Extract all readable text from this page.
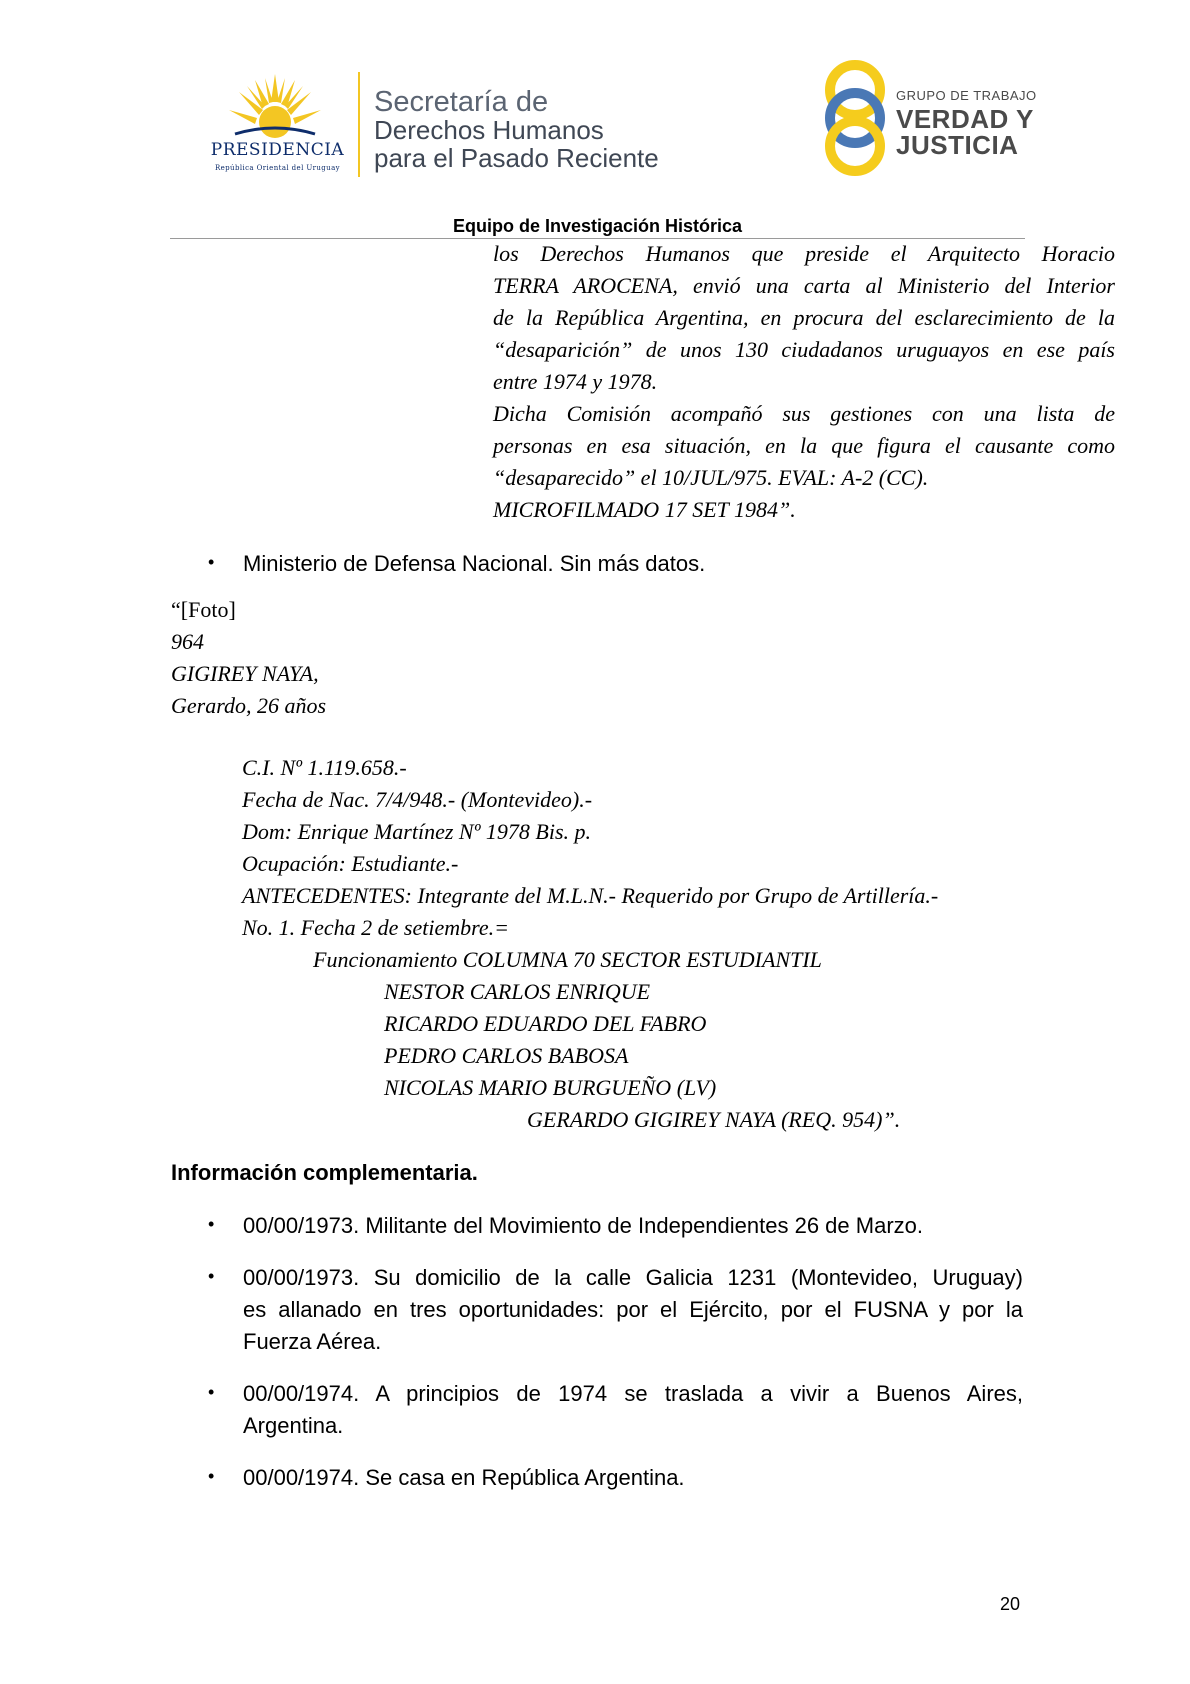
PRESIDENCIA
República Oriental del Uruguay
Secretaría de
Derechos Humanos
para el Pasado Reciente
GRUPO DE TRABAJO
VERDAD Y
JUSTICIA
Equipo de Investigación Histórica

los Derechos Humanos que preside el Arquitecto Horacio
TERRA AROCENA, envió una carta al Ministerio del Interior
de la República Argentina, en procura del esclarecimiento de la
“desaparición” de unos 130 ciudadanos uruguayos en ese país
entre 1974 y 1978.

Dicha Comisión acompañó sus gestiones con una lista de
personas en esa situación, en la que figura el causante como
“desaparecido” el 10/JUL/975. EVAL: A-2 (CC).
MICROFILMADO 17 SET 1984”.

• Ministerio de Defensa Nacional. Sin más datos.
“[Foto]
964
GIGIREY NAYA,
Gerardo, 26 años
C.I. Nº 1.119.658.-
Fecha de Nac. 7/4/948.- (Montevideo).-
Dom: Enrique Martínez Nº 1978 Bis. p.
Ocupación: Estudiante.-
ANTECEDENTES: Integrante del M.L.N.- Requerido por Grupo de Artillería.-
No. 1. Fecha 2 de setiembre.=
Funcionamiento COLUMNA 70 SECTOR ESTUDIANTIL
NESTOR CARLOS ENRIQUE
RICARDO EDUARDO DEL FABRO
PEDRO CARLOS BABOSA
NICOLAS MARIO BURGUEÑO (LV)
GERARDO GIGIREY NAYA (REQ. 954)”.
Información complementaria.
• 00/00/1973. Militante del Movimiento de Independientes 26 de Marzo.
• 00/00/1973. Su domicilio de la calle Galicia 1231 (Montevideo, Uruguay)
es allanado en tres oportunidades: por el Ejército, por el FUSNA y por la
Fuerza Aérea.
• 00/00/1974. A principios de 1974 se traslada a vivir a Buenos Aires,
Argentina.
• 00/00/1974. Se casa en República Argentina.
20
